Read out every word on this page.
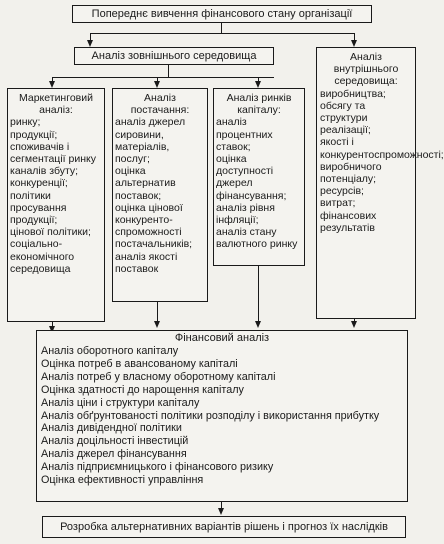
Попереднє вивчення фінансового стану організації
Аналіз зовнішнього середовища
Маркетинговий аналіз:
ринку;
продукції;
споживачів і сегментації ринку каналів збуту;
конкуренції;
політики просування продукції;
цінової політики;
соціально-економічного середовища
Аналіз постачання:
аналіз джерел сировини, матеріалів, послуг;
оцінка альтернатив поставок;
оцінка цінової конкуренто-спроможності постачальників;
аналіз якості поставок
Аналіз ринків капіталу:
аналіз процентних ставок;
оцінка доступності джерел фінансування;
аналіз рівня інфляції;
аналіз стану валютного ринку
Аналіз внутрішнього середовища:
виробництва;
обсягу та структури реалізації;
якості і конкурентоспроможності;
виробничого потенціалу;
ресурсів;
витрат;
фінансових результатів
Фінансовий аналіз
Аналіз оборотного капіталу
Оцінка потреб в авансованому капіталі
Аналіз потреб у власному оборотному капіталі
Оцінка здатності до нарощення капіталу
Аналіз ціни і структури капіталу
Аналіз обґрунтованості політики розподілу і використання прибутку
Аналіз дивідендної політики
Аналіз доцільності інвестицій
Аналіз джерел фінансування
Аналіз підприємницького і фінансового ризику
Оцінка ефективності управління
Розробка альтернативних варіантів рішень і прогноз їх наслідків
